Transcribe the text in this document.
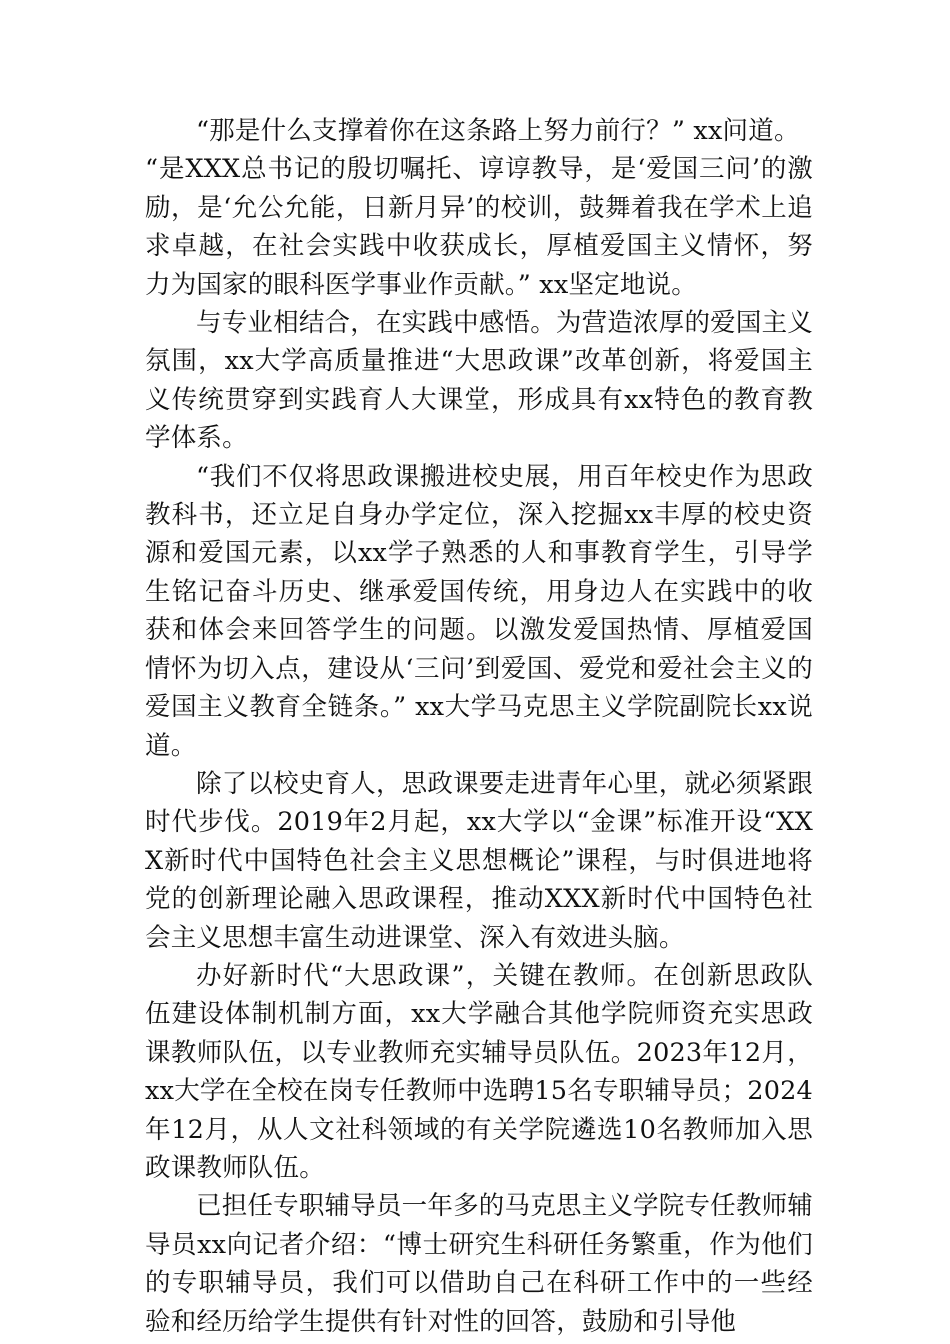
“那是什么支撑着你在这条路上努力前行？” xx问道。

“是XXX总书记的殷切嘱托、谆谆教导，是‘爱国三问’的激励，是‘允公允能，日新月异’的校训，鼓舞着我在学术上追求卓越，在社会实践中收获成长，厚植爱国主义情怀，努力为国家的眼科医学事业作贡献。” xx坚定地说。

与专业相结合，在实践中感悟。为营造浓厚的爱国主义氛围，xx大学高质量推进“大思政课”改革创新，将爱国主义传统贯穿到实践育人大课堂，形成具有xx特色的教育教学体系。

“我们不仅将思政课搬进校史展，用百年校史作为思政教科书，还立足自身办学定位，深入挖掘xx丰厚的校史资源和爱国元素，以xx学子熟悉的人和事教育学生，引导学生铭记奋斗历史、继承爱国传统，用身边人在实践中的收获和体会来回答学生的问题。以激发爱国热情、厚植爱国情怀为切入点，建设从‘三问’到爱国、爱党和爱社会主义的爱国主义教育全链条。” xx大学马克思主义学院副院长xx说道。

除了以校史育人，思政课要走进青年心里，就必须紧跟时代步伐。2019年2月起，xx大学以“金课”标准开设“XXX新时代中国特色社会主义思想概论”课程，与时俱进地将党的创新理论融入思政课程，推动XXX新时代中国特色社会主义思想丰富生动进课堂、深入有效进头脑。

办好新时代“大思政课”，关键在教师。在创新思政队伍建设体制机制方面，xx大学融合其他学院师资充实思政课教师队伍，以专业教师充实辅导员队伍。2023年12月，xx大学在全校在岗专任教师中选聘15名专职辅导员；2024年12月，从人文社科领域的有关学院遴选10名教师加入思政课教师队伍。

已担任专职辅导员一年多的马克思主义学院专任教师辅导员xx向记者介绍：“博士研究生科研任务繁重，作为他们的专职辅导员，我们可以借助自己在科研工作中的一些经验和经历给学生提供有针对性的回答，鼓励和引导他
